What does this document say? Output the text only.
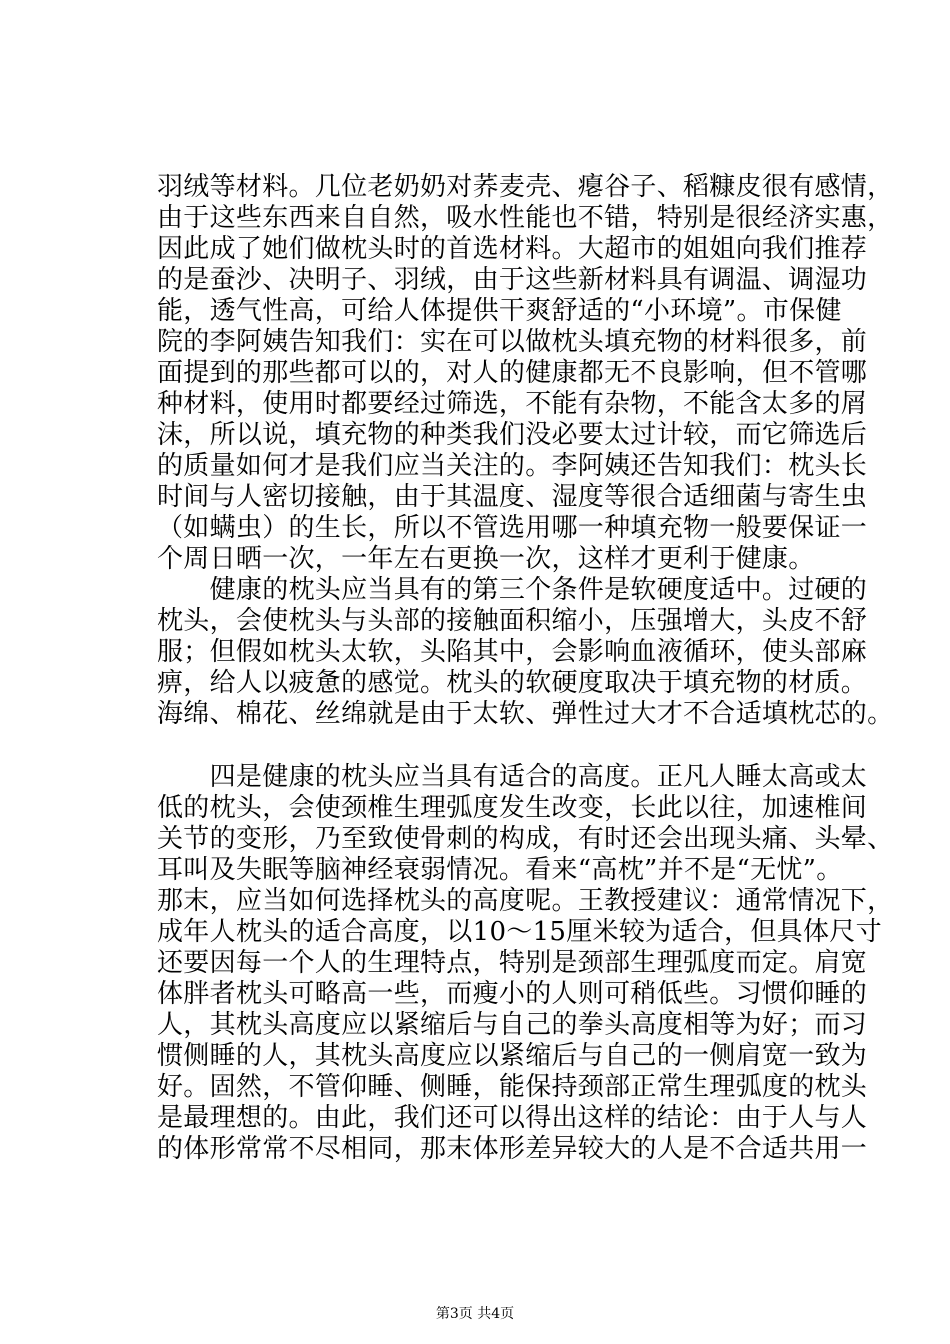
羽绒等材料。几位老奶奶对荞麦壳、瘪谷子、稻糠皮很有感情，
由于这些东西来自自然，吸水性能也不错，特别是很经济实惠，
因此成了她们做枕头时的首选材料。大超市的姐姐向我们推荐
的是蚕沙、决明子、羽绒，由于这些新材料具有调温、调湿功
能，透气性高，可给人体提供干爽舒适的“小环境”。市保健
院的李阿姨告知我们：实在可以做枕头填充物的材料很多，前
面提到的那些都可以的，对人的健康都无不良影响，但不管哪
种材料，使用时都要经过筛选，不能有杂物，不能含太多的屑
沫，所以说，填充物的种类我们没必要太过计较，而它筛选后
的质量如何才是我们应当关注的。李阿姨还告知我们：枕头长
时间与人密切接触，由于其温度、湿度等很合适细菌与寄生虫
（如螨虫）的生长，所以不管选用哪一种填充物一般要保证一
个周日晒一次，一年左右更换一次，这样才更利于健康。
　　健康的枕头应当具有的第三个条件是软硬度适中。过硬的
枕头，会使枕头与头部的接触面积缩小，压强增大，头皮不舒
服；但假如枕头太软，头陷其中，会影响血液循环，使头部麻
痹，给人以疲惫的感觉。枕头的软硬度取决于填充物的材质。
海绵、棉花、丝绵就是由于太软、弹性过大才不合适填枕芯的。
　　四是健康的枕头应当具有适合的高度。正凡人睡太高或太
低的枕头，会使颈椎生理弧度发生改变，长此以往，加速椎间
关节的变形，乃至致使骨刺的构成，有时还会出现头痛、头晕、
耳叫及失眠等脑神经衰弱情况。看来“高枕”并不是“无忧”。
那末，应当如何选择枕头的高度呢。王教授建议：通常情况下，
成年人枕头的适合高度，以10～15厘米较为适合，但具体尺寸
还要因每一个人的生理特点，特别是颈部生理弧度而定。肩宽
体胖者枕头可略高一些，而瘦小的人则可稍低些。习惯仰睡的
人，其枕头高度应以紧缩后与自己的拳头高度相等为好；而习
惯侧睡的人，其枕头高度应以紧缩后与自己的一侧肩宽一致为
好。固然，不管仰睡、侧睡，能保持颈部正常生理弧度的枕头
是最理想的。由此，我们还可以得出这样的结论：由于人与人
的体形常常不尽相同，那末体形差异较大的人是不合适共用一
第3页 共4页
